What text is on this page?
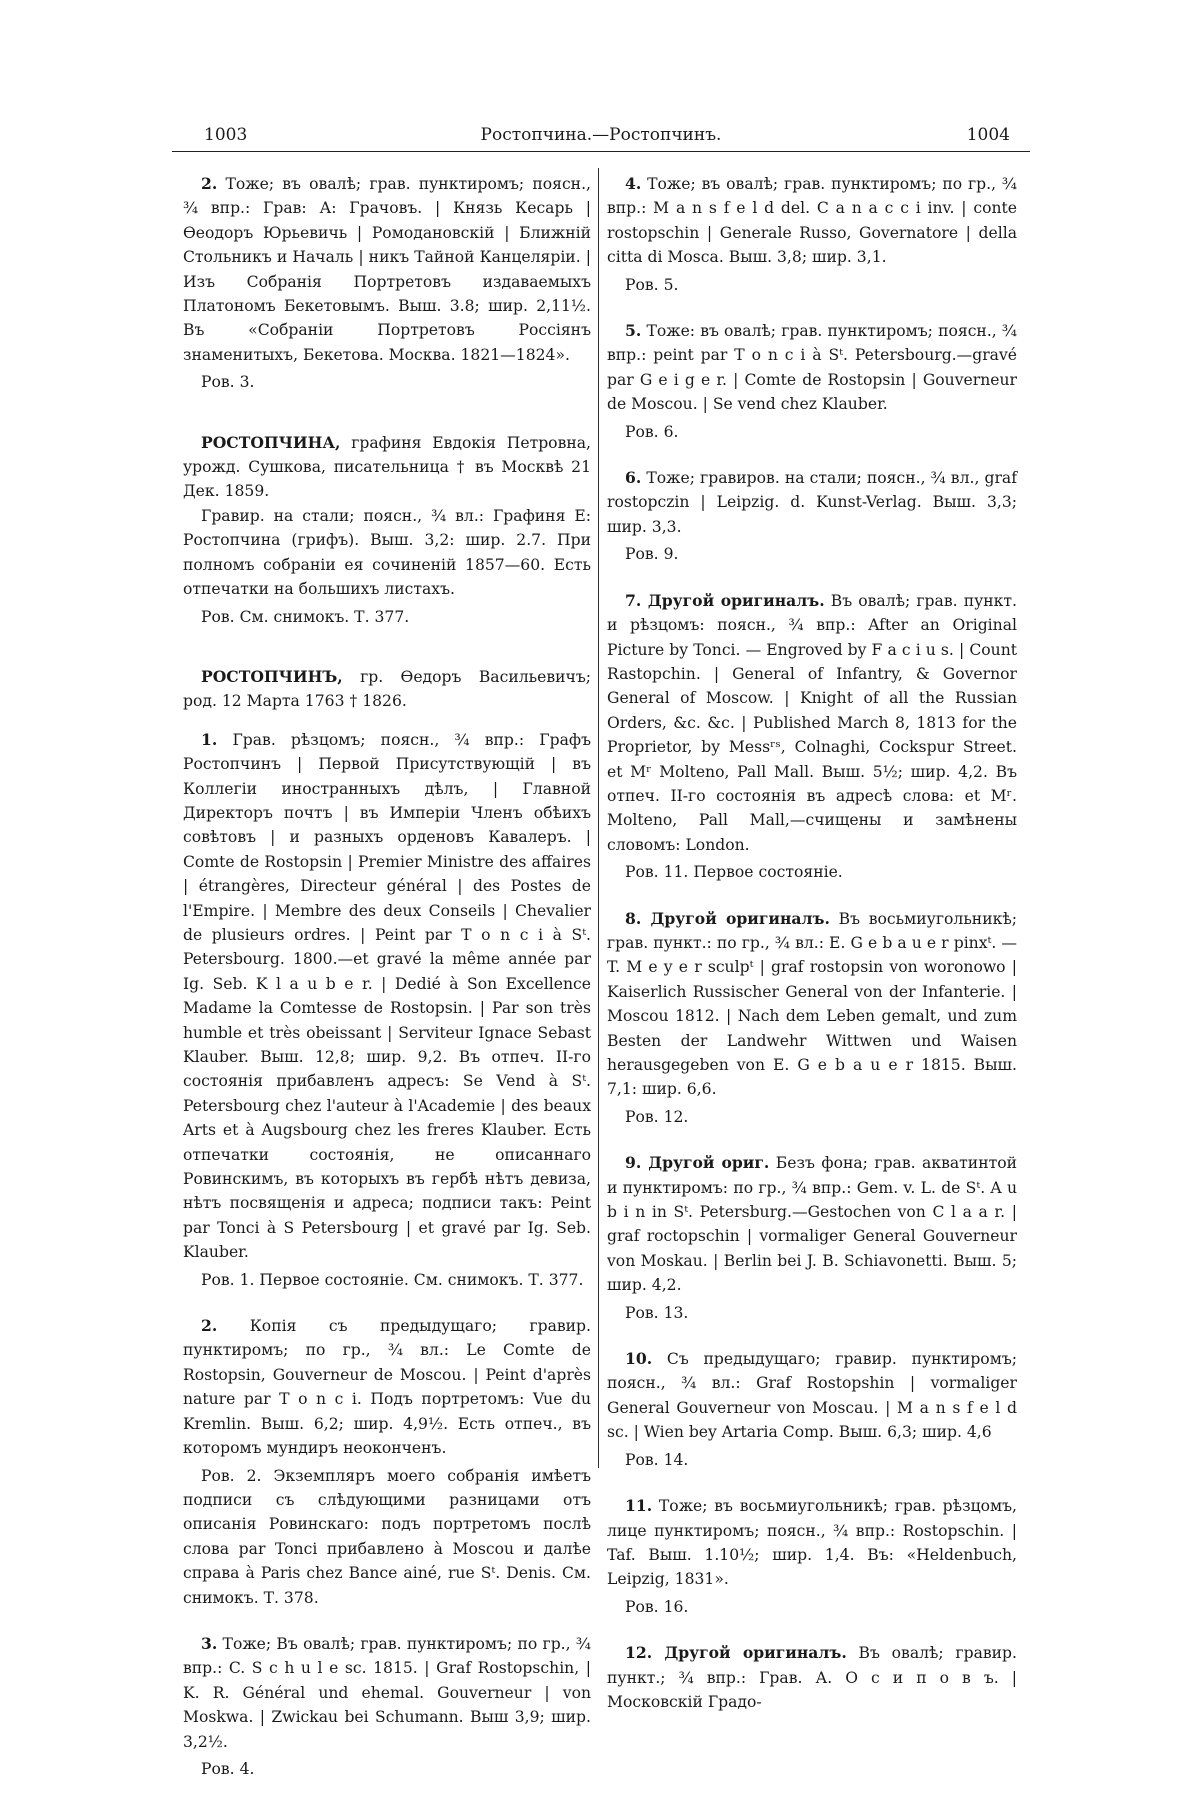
1003	Ростопчина.—Ростопчинъ.	1004

2. Тоже; въ овалѣ; грав. пунктиромъ; поясн., ¾ впр.: Грав: А: Грачовъ. | Князь Кесарь | Өеодоръ Юрьевичь | Ромодановскій | Ближній Стольникъ и Началь | никъ Тайной Канцеляріи. | Изъ Собранія Портретовъ издаваемыхъ Платономъ Бекетовымъ. Выш. 3.8; шир. 2,11½. Въ «Собраніи Портретовъ Россіянъ знаменитыхъ, Бекетова. Москва. 1821—1824».

Ров. 3.

РОСТОПЧИНА, графиня Евдокія Петровна, урожд. Сушкова, писательница † въ Москвѣ 21 Дек. 1859.

Гравир. на стали; поясн., ¾ вл.: Графиня Е: Ростопчина (грифъ). Выш. 3,2: шир. 2.7. При полномъ собраніи ея сочиненій 1857—60. Есть отпечатки на большихъ листахъ.

Ров. См. снимокъ. Т. 377.

РОСТОПЧИНЪ, гр. Өедоръ Васильевичъ; род. 12 Марта 1763 † 1826.

1. Грав. рѣзцомъ; поясн., ¾ впр.: Графъ Ростопчинъ | Первой Присутствующій | въ Коллегіи иностранныхъ дѣлъ, | Главной Директоръ почтъ | въ Имперіи Членъ обѣихъ совѣтовъ | и разныхъ орденовъ Кавалеръ. | Comte de Rostopsin | Premier Ministre des affaires | étrangères, Directeur général | des Postes de l'Empire. | Membre des deux Conseils | Chevalier de plusieurs ordres. | Peint par T o n c i à Sᵗ. Petersbourg. 1800.—et gravé la même année par Ig. Seb. K l a u b e r. | Dedié à Son Excellence Madame la Comtesse de Rostopsin. | Par son très humble et très obeissant | Serviteur Ignace Sebast Klauber. Выш. 12,8; шир. 9,2. Въ отпеч. II-го состоянія прибавленъ адресъ: Se Vend à Sᵗ. Petersbourg chez l'auteur à l'Academie | des beaux Arts et à Augsbourg chez les freres Klauber. Есть отпечатки состоянія, не описаннаго Ровинскимъ, въ которыхъ въ гербѣ нѣтъ девиза, нѣтъ посвященія и адреса; подписи такъ: Peint par Tonci à S Petersbourg | et gravé par Ig. Seb. Klauber.

Ров. 1. Первое состояніе. См. снимокъ. Т. 377.

2. Копія съ предыдущаго; гравир. пунктиромъ; по гр., ¾ вл.: Le Comte de Rostopsin, Gouverneur de Moscou. | Peint d'après nature par T o n c i. Подъ портретомъ: Vue du Kremlin. Выш. 6,2; шир. 4,9½. Есть отпеч., въ которомъ мундиръ неоконченъ.

Ров. 2. Экземпляръ моего собранія имѣетъ подписи съ слѣдующими разницами отъ описанія Ровинскаго: подъ портретомъ послѣ слова par Tonci прибавлено à Moscou и далѣе справа à Paris chez Bance ainé, rue Sᵗ. Denis. См. снимокъ. Т. 378.

3. Тоже; Въ овалѣ; грав. пунктиромъ; по гр., ¾ впр.: C. S c h u l e sc. 1815. | Graf Rostopschin, | K. R. Général und ehemal. Gouverneur | von Moskwa. | Zwickau bei Schumann. Выш 3,9; шир. 3,2½.

Ров. 4.

4. Тоже; въ овалѣ; грав. пунктиромъ; по гр., ¾ впр.: M a n s f e l d del. C a n a c c i inv. | conte rostopschin | Generale Russo, Governatore | della citta di Mosca. Выш. 3,8; шир. 3,1.

Ров. 5.

5. Тоже: въ овалѣ; грав. пунктиромъ; поясн., ¾ впр.: peint par T o n c i à Sᵗ. Petersbourg.—gravé par G e i g e r. | Comte de Rostopsin | Gouverneur de Moscou. | Se vend chez Klauber.

Ров. 6.

6. Тоже; гравиров. на стали; поясн., ¾ вл., graf rostopczin | Leipzig. d. Kunst-Verlag. Выш. 3,3; шир. 3,3.

Ров. 9.

7. Другой оригиналъ. Въ овалѣ; грав. пункт. и рѣзцомъ: поясн., ¾ впр.: After an Original Picture by Tonci. — Engroved by F a c i u s. | Count Rastopchin. | General of Infantry, & Governor General of Moscow. | Knight of all the Russian Orders, &c. &c. | Published March 8, 1813 for the Proprietor, by Messʳˢ, Colnaghi, Cockspur Street. et Mʳ Molteno, Pall Mall. Выш. 5½; шир. 4,2. Въ отпеч. II-го состоянія въ адресѣ слова: et Mʳ. Molteno, Pall Mall,—счищены и замѣнены словомъ: London.

Ров. 11. Первое состояніе.

8. Другой оригиналъ. Въ восьмиугольникѣ; грав. пункт.: по гр., ¾ вл.: E. G e b a u e r pinxᵗ. — T. M e y e r sculpᵗ | graf rostopsin von woronowo | Kaiserlich Russischer General von der Infanterie. | Moscou 1812. | Nach dem Leben gemalt, und zum Besten der Landwehr Wittwen und Waisen herausgegeben von E. G e b a u e r 1815. Выш. 7,1: шир. 6,6.

Ров. 12.

9. Другой ориг. Безъ фона; грав. акватинтой и пунктиромъ: по гр., ¾ впр.: Gem. v. L. de Sᵗ. A u b i n in Sᵗ. Petersburg.—Gestochen von C l a a r. | graf roctopschin | vormaliger General Gouverneur von Moskau. | Berlin bei J. B. Schiavonetti. Выш. 5; шир. 4,2.

Ров. 13.

10. Съ предыдущаго; гравир. пунктиромъ; поясн., ¾ вл.: Graf Rostopshin | vormaliger General Gouverneur von Moscau. | M a n s f e l d sc. | Wien bey Artaria Comp. Выш. 6,3; шир. 4,6

Ров. 14.

11. Тоже; въ восьмиугольникѣ; грав. рѣзцомъ, лице пунктиромъ; поясн., ¾ впр.: Rostopschin. | Taf. Выш. 1.10½; шир. 1,4. Въ: «Heldenbuch, Leipzig, 1831».

Ров. 16.

12. Другой оригиналъ. Въ овалѣ; гравир. пункт.; ¾ впр.: Грав. А. О с и п о в ъ. | Московскій Градо-
